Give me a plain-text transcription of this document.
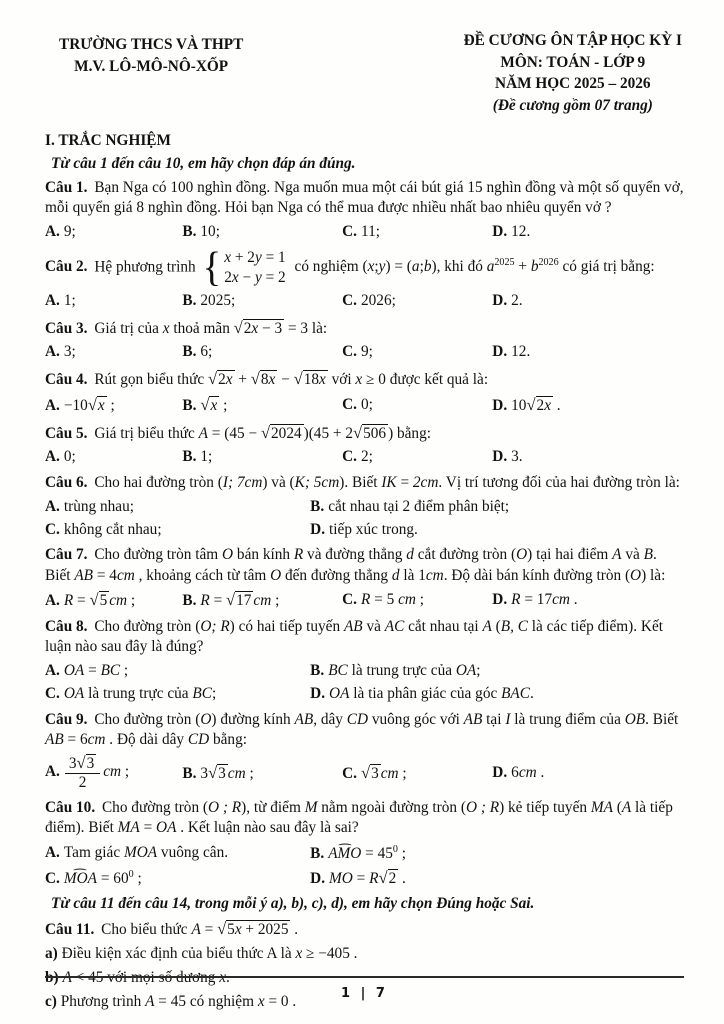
TRƯỜNG THCS VÀ THPT
M.V. LÔ-MÔ-NÔ-XỐP
ĐỀ CƯƠNG ÔN TẬP HỌC KỲ I
MÔN: TOÁN - LỚP 9
NĂM HỌC 2025 – 2026
(Đề cương gồm 07 trang)
I. TRẮC NGHIỆM
Từ câu 1 đến câu 10, em hãy chọn đáp án đúng.

Câu 1. Bạn Nga có 100 nghìn đồng. Nga muốn mua một cái bút giá 15 nghìn đồng và một số quyển vở, mỗi quyển giá 8 nghìn đồng. Hỏi bạn Nga có thể mua được nhiều nhất bao nhiêu quyển vở ?

A. 9;	B. 10;	C. 11;	D. 12.

Câu 2. Hệ phương trình { x + 2y = 1
2x − y = 2
có nghiệm (x;y) = (a;b), khi đó $a^{2025} + b^{2026}$ có giá trị bằng:

A. 1;	B. 2025;	C. 2026;	D. 2.

Câu 3. Giá trị của x thoả mãn √2x − 3 = 3 là:

A. 3;	B. 6;	C. 9;	D. 12.

Câu 4. Rút gọn biểu thức √2x + √8x − √18x với x ≥ 0 được kết quả là:

A. −10√x ;	B. √x ;	C. 0;	D. 10√2x .

Câu 5. Giá trị biểu thức A = (45 − √2024 )(45 + 2√506 ) bằng:

A. 0;	B. 1;	C. 2;	D. 3.

Câu 6. Cho hai đường tròn (I; 7cm) và (K; 5cm). Biết IK = 2cm. Vị trí tương đối của hai đường tròn là:

A. trùng nhau;	B. cắt nhau tại 2 điểm phân biệt;
C. không cắt nhau;	D. tiếp xúc trong.

Câu 7. Cho đường tròn tâm O bán kính R và đường thẳng d cắt đường tròn (O) tại hai điểm A và B. Biết AB = 4cm , khoảng cách từ tâm O đến đường thẳng d là 1cm. Độ dài bán kính đường tròn (O) là:

A. R = √5 cm ;	B. R = √17 cm ;	C. R = 5 cm ;	D. R = 17cm .

Câu 8. Cho đường tròn (O; R) có hai tiếp tuyến AB và AC cắt nhau tại A (B, C là các tiếp điểm). Kết luận nào sau đây là đúng?

A. OA = BC ;	B. BC là trung trực của OA;
C. OA là trung trực của BC;	D. OA là tia phân giác của góc BAC.

Câu 9. Cho đường tròn (O) đường kính AB, dây CD vuông góc với AB tại I là trung điểm của OB. Biết AB = 6cm . Độ dài dây CD bằng:

A. $\frac{3√3}{2}$ cm ;	B. 3√3 cm ;	C. √3 cm ;	D. 6cm .

Câu 10. Cho đường tròn (O ; R), từ điểm M nằm ngoài đường tròn (O ; R) kẻ tiếp tuyến MA (A là tiếp điểm). Biết MA = OA . Kết luận nào sau đây là sai?

A. Tam giác MOA vuông cân.	B. ⌢ AMO = $45^0$ ;
C. ⌢ MOA = $60^0$ ;	D. MO = R√2 .
Từ câu 11 đến câu 14, trong mỗi ý a), b), c), d), em hãy chọn Đúng hoặc Sai.

Câu 11. Cho biểu thức A = √5x + 2025 .

a) Điều kiện xác định của biểu thức A là x ≥ −405 .

b) A < 45 với mọi số dương x.

c) Phương trình A = 45 có nghiệm x = 0 .	1 | 7
